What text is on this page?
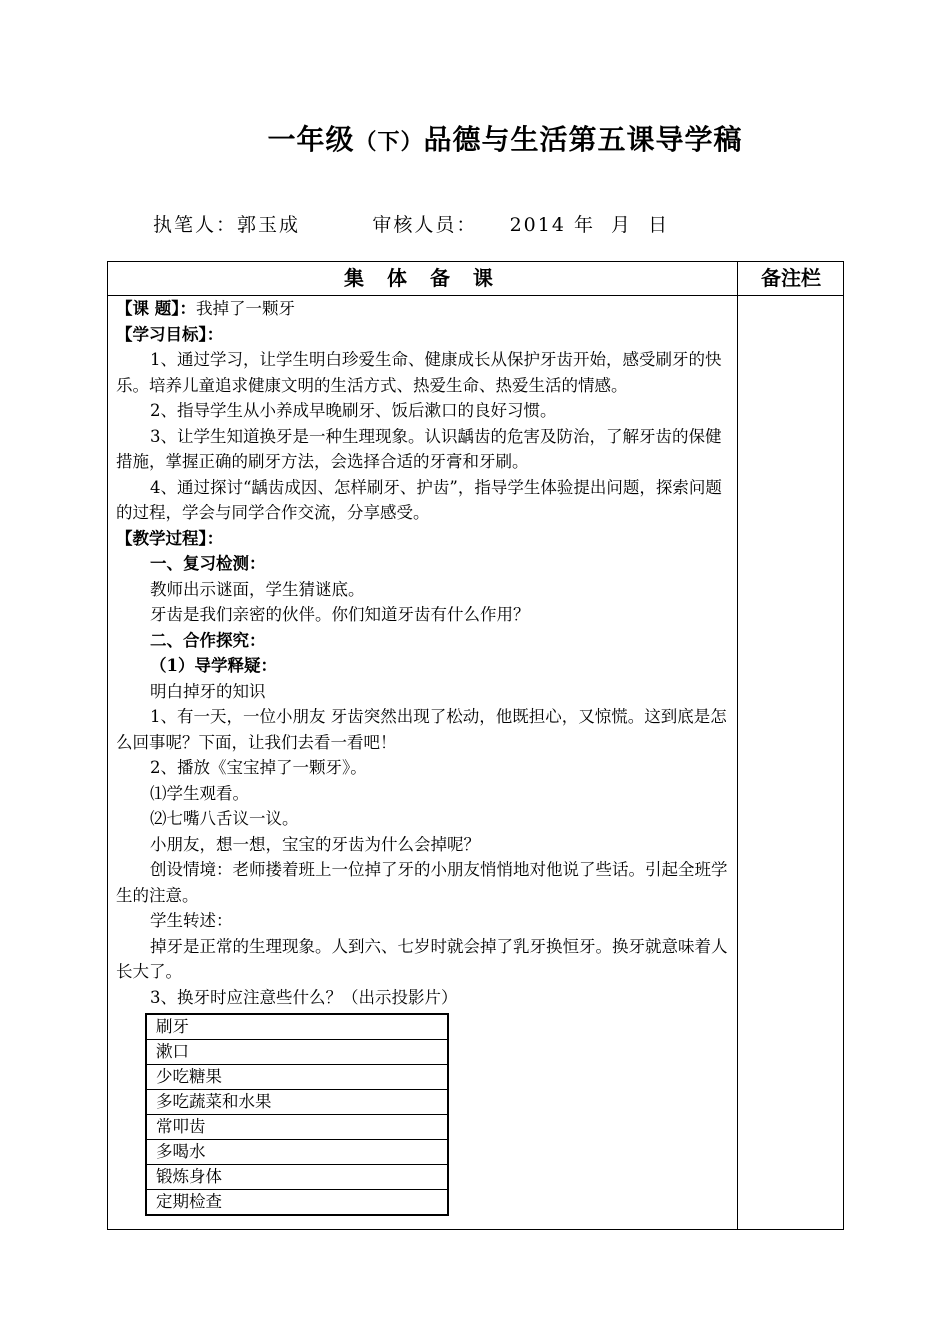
一年级（下）品德与生活第五课导学稿
执笔人：郭玉成	审核人员： 2014 年  月  日
集 体 备 课	备注栏

【课 题】：我掉了一颗牙

【学习目标】：

1、通过学习，让学生明白珍爱生命、健康成长从保护牙齿开始，感受刷牙的快乐。培养儿童追求健康文明的生活方式、热爱生命、热爱生活的情感。

2、指导学生从小养成早晚刷牙、饭后漱口的良好习惯。

3、让学生知道换牙是一种生理现象。认识龋齿的危害及防治，了解牙齿的保健措施，掌握正确的刷牙方法，会选择合适的牙膏和牙刷。

4、通过探讨“龋齿成因、怎样刷牙、护齿”，指导学生体验提出问题，探索问题的过程，学会与同学合作交流，分享感受。

【教学过程】：

一、复习检测：

教师出示谜面，学生猜谜底。

牙齿是我们亲密的伙伴。你们知道牙齿有什么作用？

二、合作探究：

（1）导学释疑：

明白掉牙的知识

1、有一天，一位小朋友 牙齿突然出现了松动，他既担心，又惊慌。这到底是怎么回事呢？下面，让我们去看一看吧！

2、播放《宝宝掉了一颗牙》。

⑴学生观看。

⑵七嘴八舌议一议。

小朋友，想一想，宝宝的牙齿为什么会掉呢？

创设情境：老师搂着班上一位掉了牙的小朋友悄悄地对他说了些话。引起全班学生的注意。

学生转述：

掉牙是正常的生理现象。人到六、七岁时就会掉了乳牙换恒牙。换牙就意味着人长大了。

3、换牙时应注意些什么？（出示投影片）

刷牙
漱口
少吃糖果
多吃蔬菜和水果
常叩齿
多喝水
锻炼身体
定期检查
